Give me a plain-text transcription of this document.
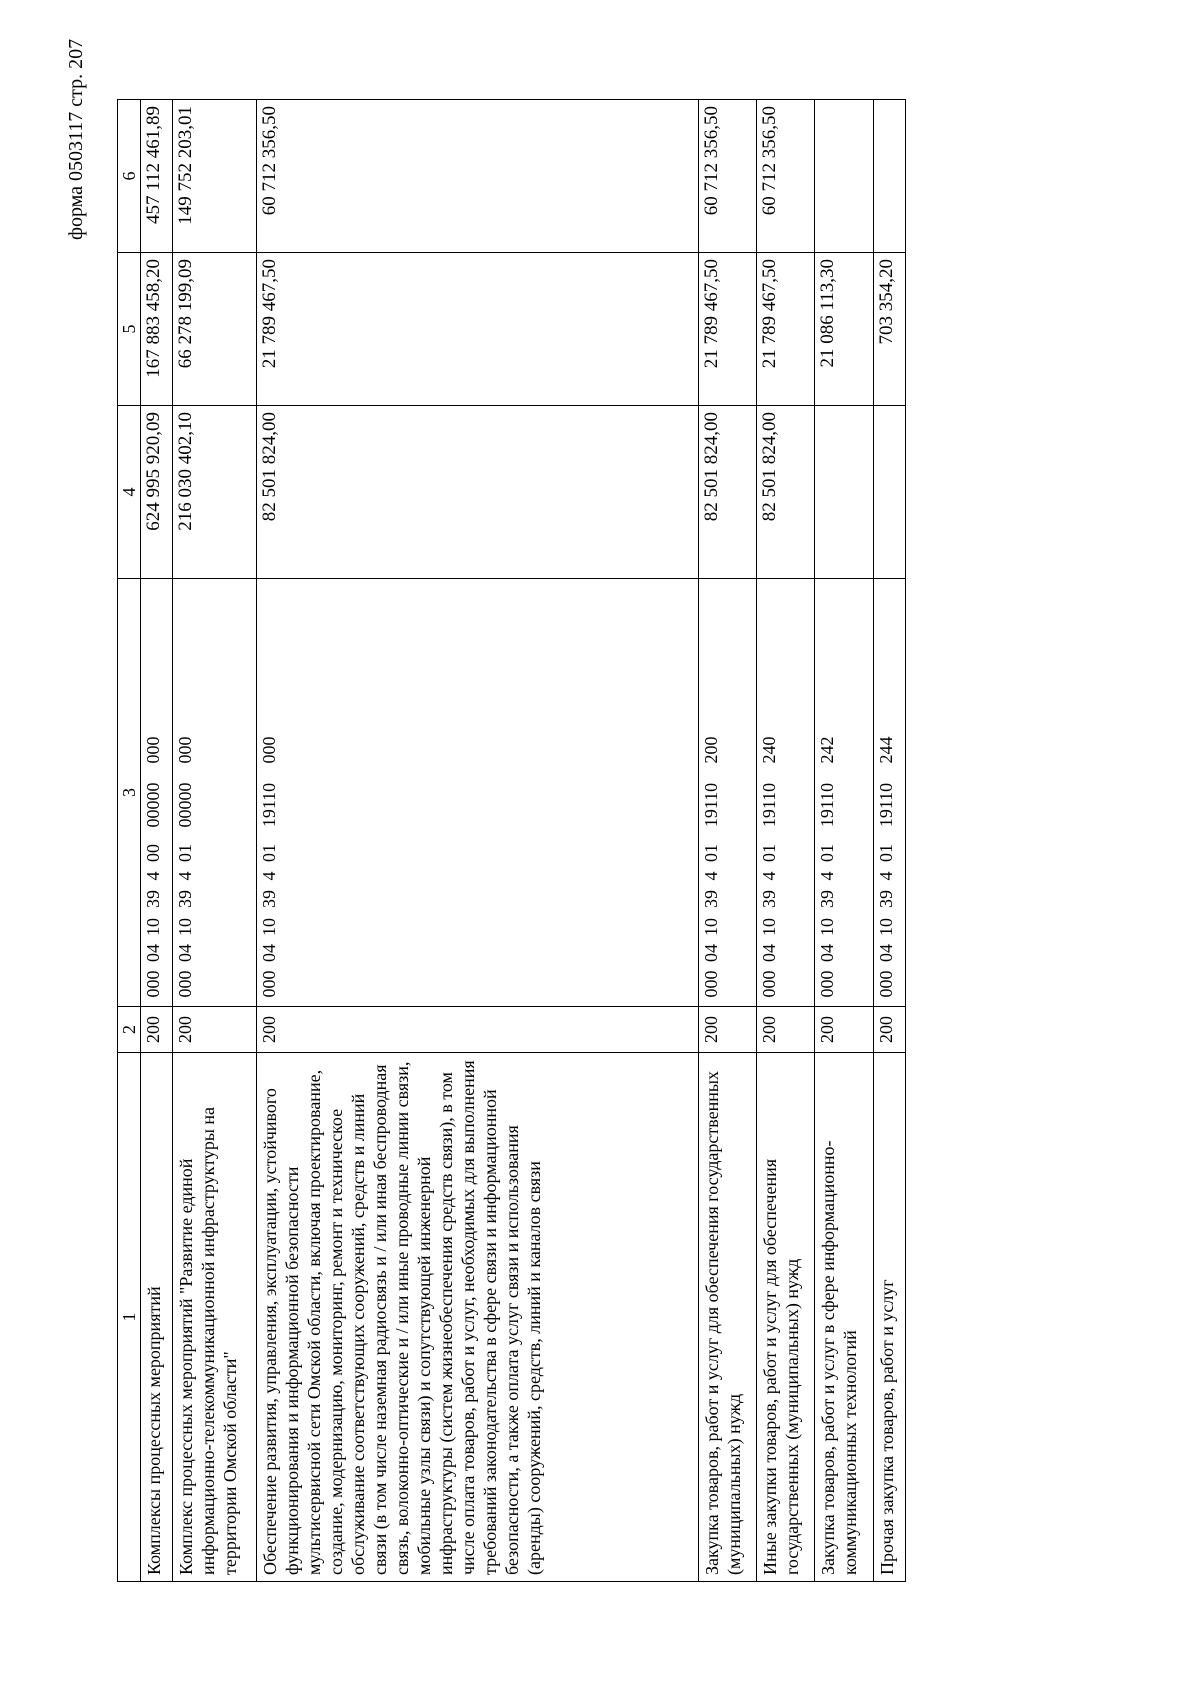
форма 0503117 стр. 207
1	2	3	4	5	6
Комплексы процессных мероприятий	200	00004103940000000000	624 995 920,09	167 883 458,20	457 112 461,89
Комплекс процессных мероприятий "Развитие единой информационно-телекоммуникационной инфраструктуры на территории Омской области"	200	00004103940100000000	216 030 402,10	66 278 199,09	149 752 203,01
Обеспечение развития, управления, эксплуатации, устойчивого функционирования и информационной безопасности мультисервисной сети Омской области, включая проектирование, создание, модернизацию, мониторинг, ремонт и техническое обслуживание соответствующих сооружений, средств и линий связи (в том числе наземная радиосвязь и / или иная беспроводная связь, волоконно-оптические и / или иные проводные линии связи, мобильные узлы связи) и сопутствующей инженерной инфраструктуры (систем жизнеобеспечения средств связи), в том числе оплата товаров, работ и услуг, необходимых для выполнения требований законодательства в сфере связи и информационной безопасности, а также оплата услуг связи и использования (аренды) сооружений, средств, линий и каналов связи	200	00004103940119110000	82 501 824,00	21 789 467,50	60 712 356,50
Закупка товаров, работ и услуг для обеспечения государственных (муниципальных) нужд	200	00004103940119110200	82 501 824,00	21 789 467,50	60 712 356,50
Иные закупки товаров, работ и услуг для обеспечения государственных (муниципальных) нужд	200	00004103940119110240	82 501 824,00	21 789 467,50	60 712 356,50
Закупка товаров, работ и услуг в сфере информационно-коммуникационных технологий	200	00004103940119110242		21 086 113,30	
Прочая закупка товаров, работ и услуг	200	00004103940119110244		703 354,20	
